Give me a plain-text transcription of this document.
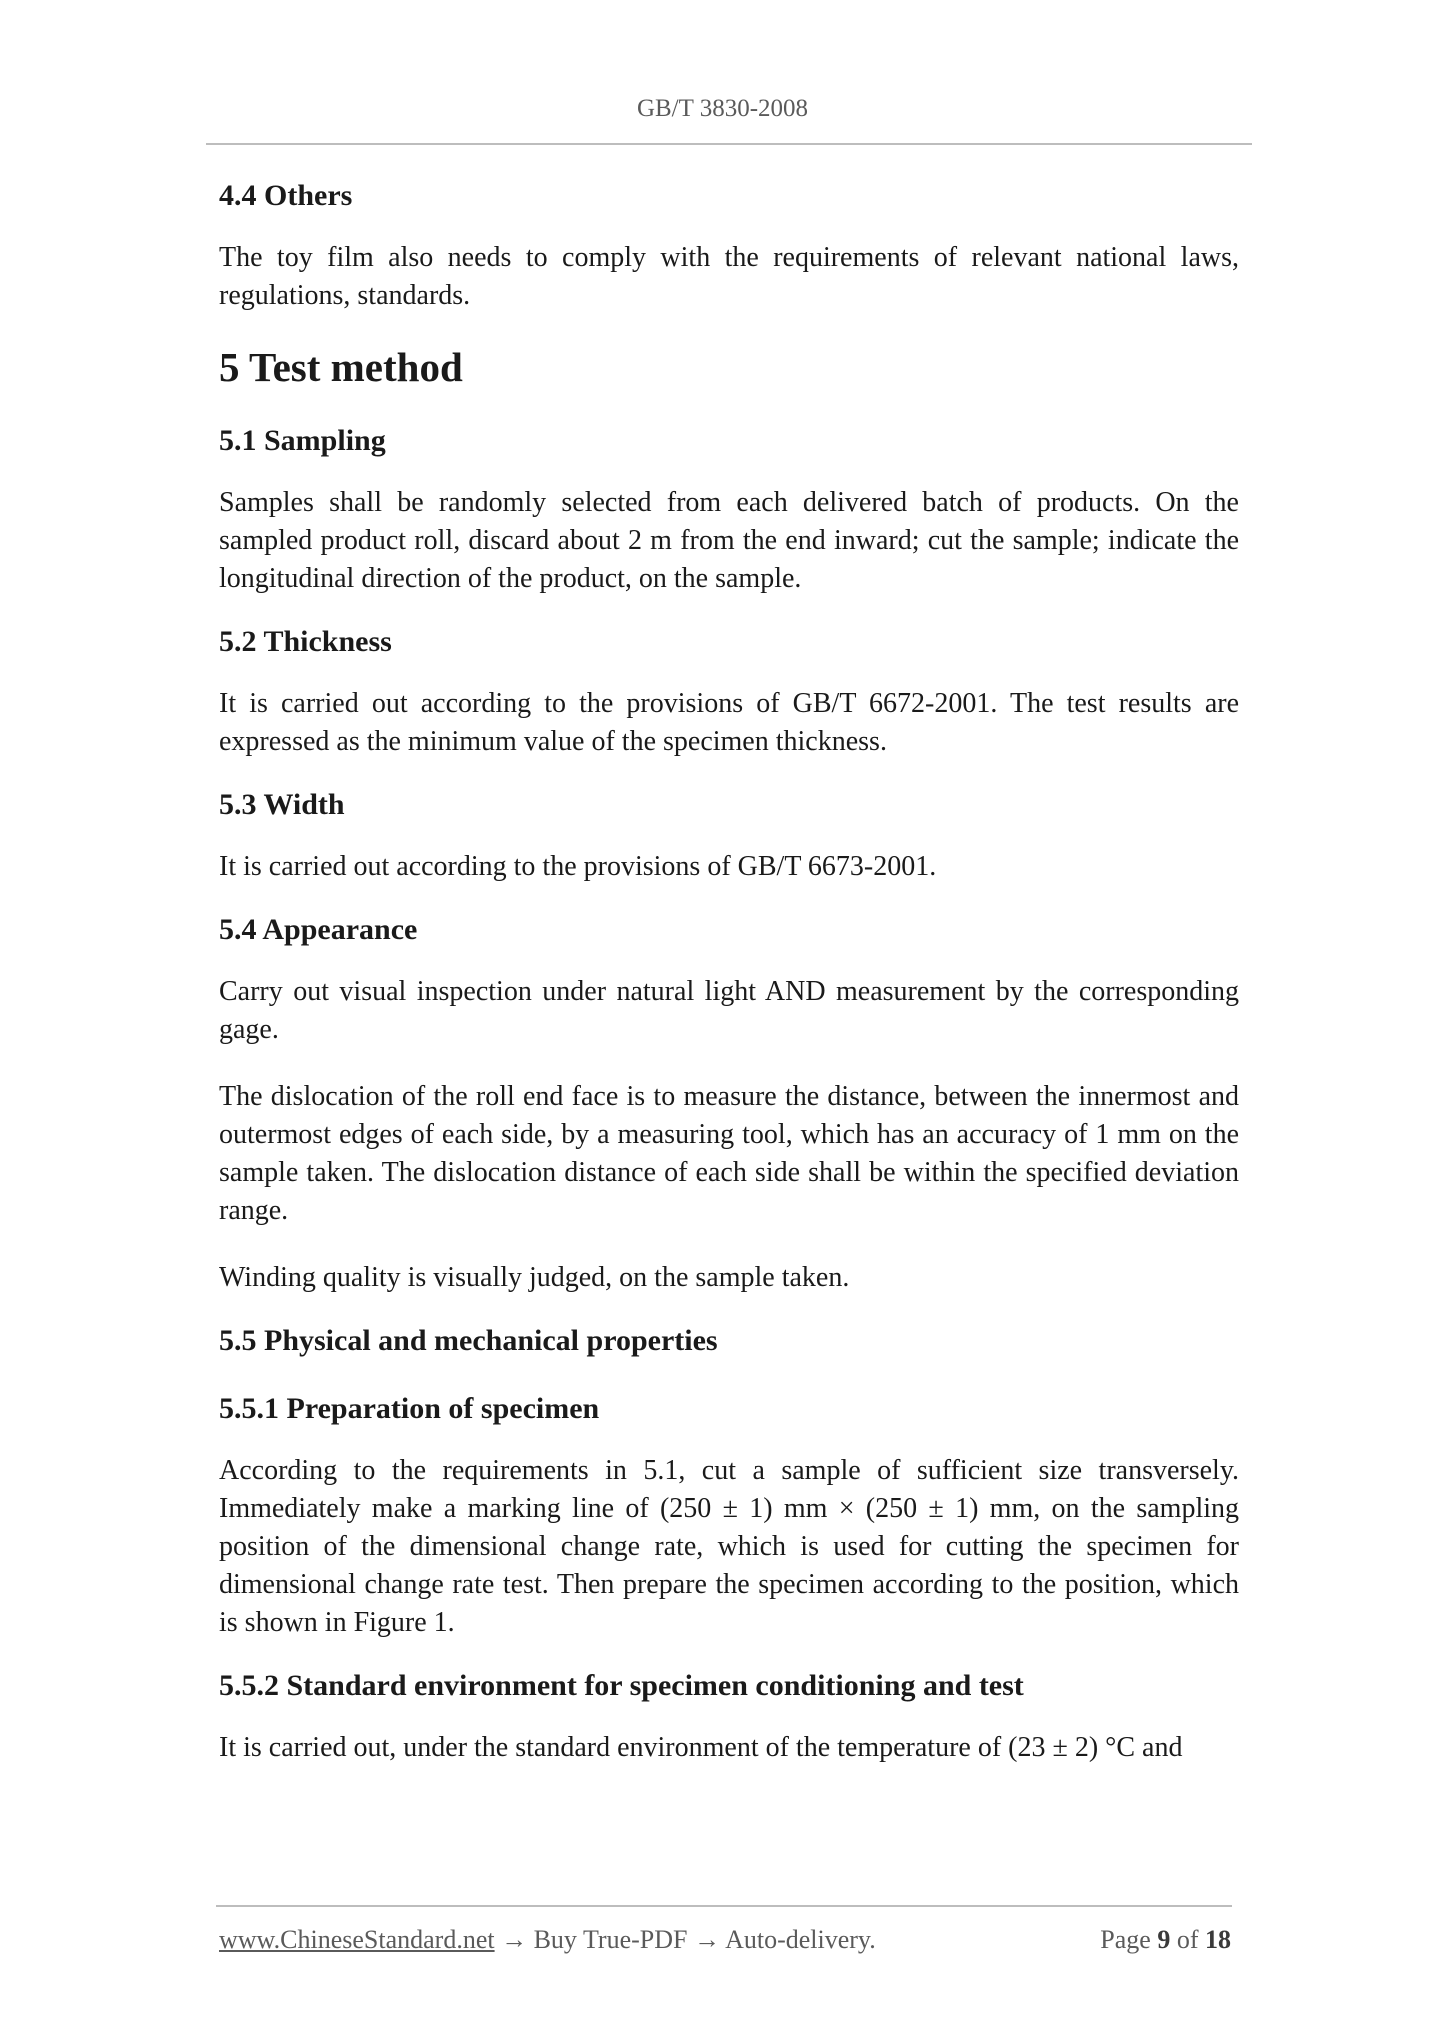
GB/T 3830-2008
4.4 Others
The toy film also needs to comply with the requirements of relevant national laws, regulations, standards.
5 Test method
5.1 Sampling
Samples shall be randomly selected from each delivered batch of products. On the sampled product roll, discard about 2 m from the end inward; cut the sample; indicate the longitudinal direction of the product, on the sample.
5.2 Thickness
It is carried out according to the provisions of GB/T 6672-2001. The test results are expressed as the minimum value of the specimen thickness.
5.3 Width
It is carried out according to the provisions of GB/T 6673-2001.
5.4 Appearance
Carry out visual inspection under natural light AND measurement by the corresponding gage.
The dislocation of the roll end face is to measure the distance, between the innermost and outermost edges of each side, by a measuring tool, which has an accuracy of 1 mm on the sample taken. The dislocation distance of each side shall be within the specified deviation range.
Winding quality is visually judged, on the sample taken.
5.5 Physical and mechanical properties
5.5.1 Preparation of specimen
According to the requirements in 5.1, cut a sample of sufficient size transversely. Immediately make a marking line of (250 ± 1) mm × (250 ± 1) mm, on the sampling position of the dimensional change rate, which is used for cutting the specimen for dimensional change rate test. Then prepare the specimen according to the position, which is shown in Figure 1.
5.5.2 Standard environment for specimen conditioning and test
It is carried out, under the standard environment of the temperature of (23 ± 2) °C and
www.ChineseStandard.net → Buy True-PDF → Auto-delivery.	Page 9 of 18
